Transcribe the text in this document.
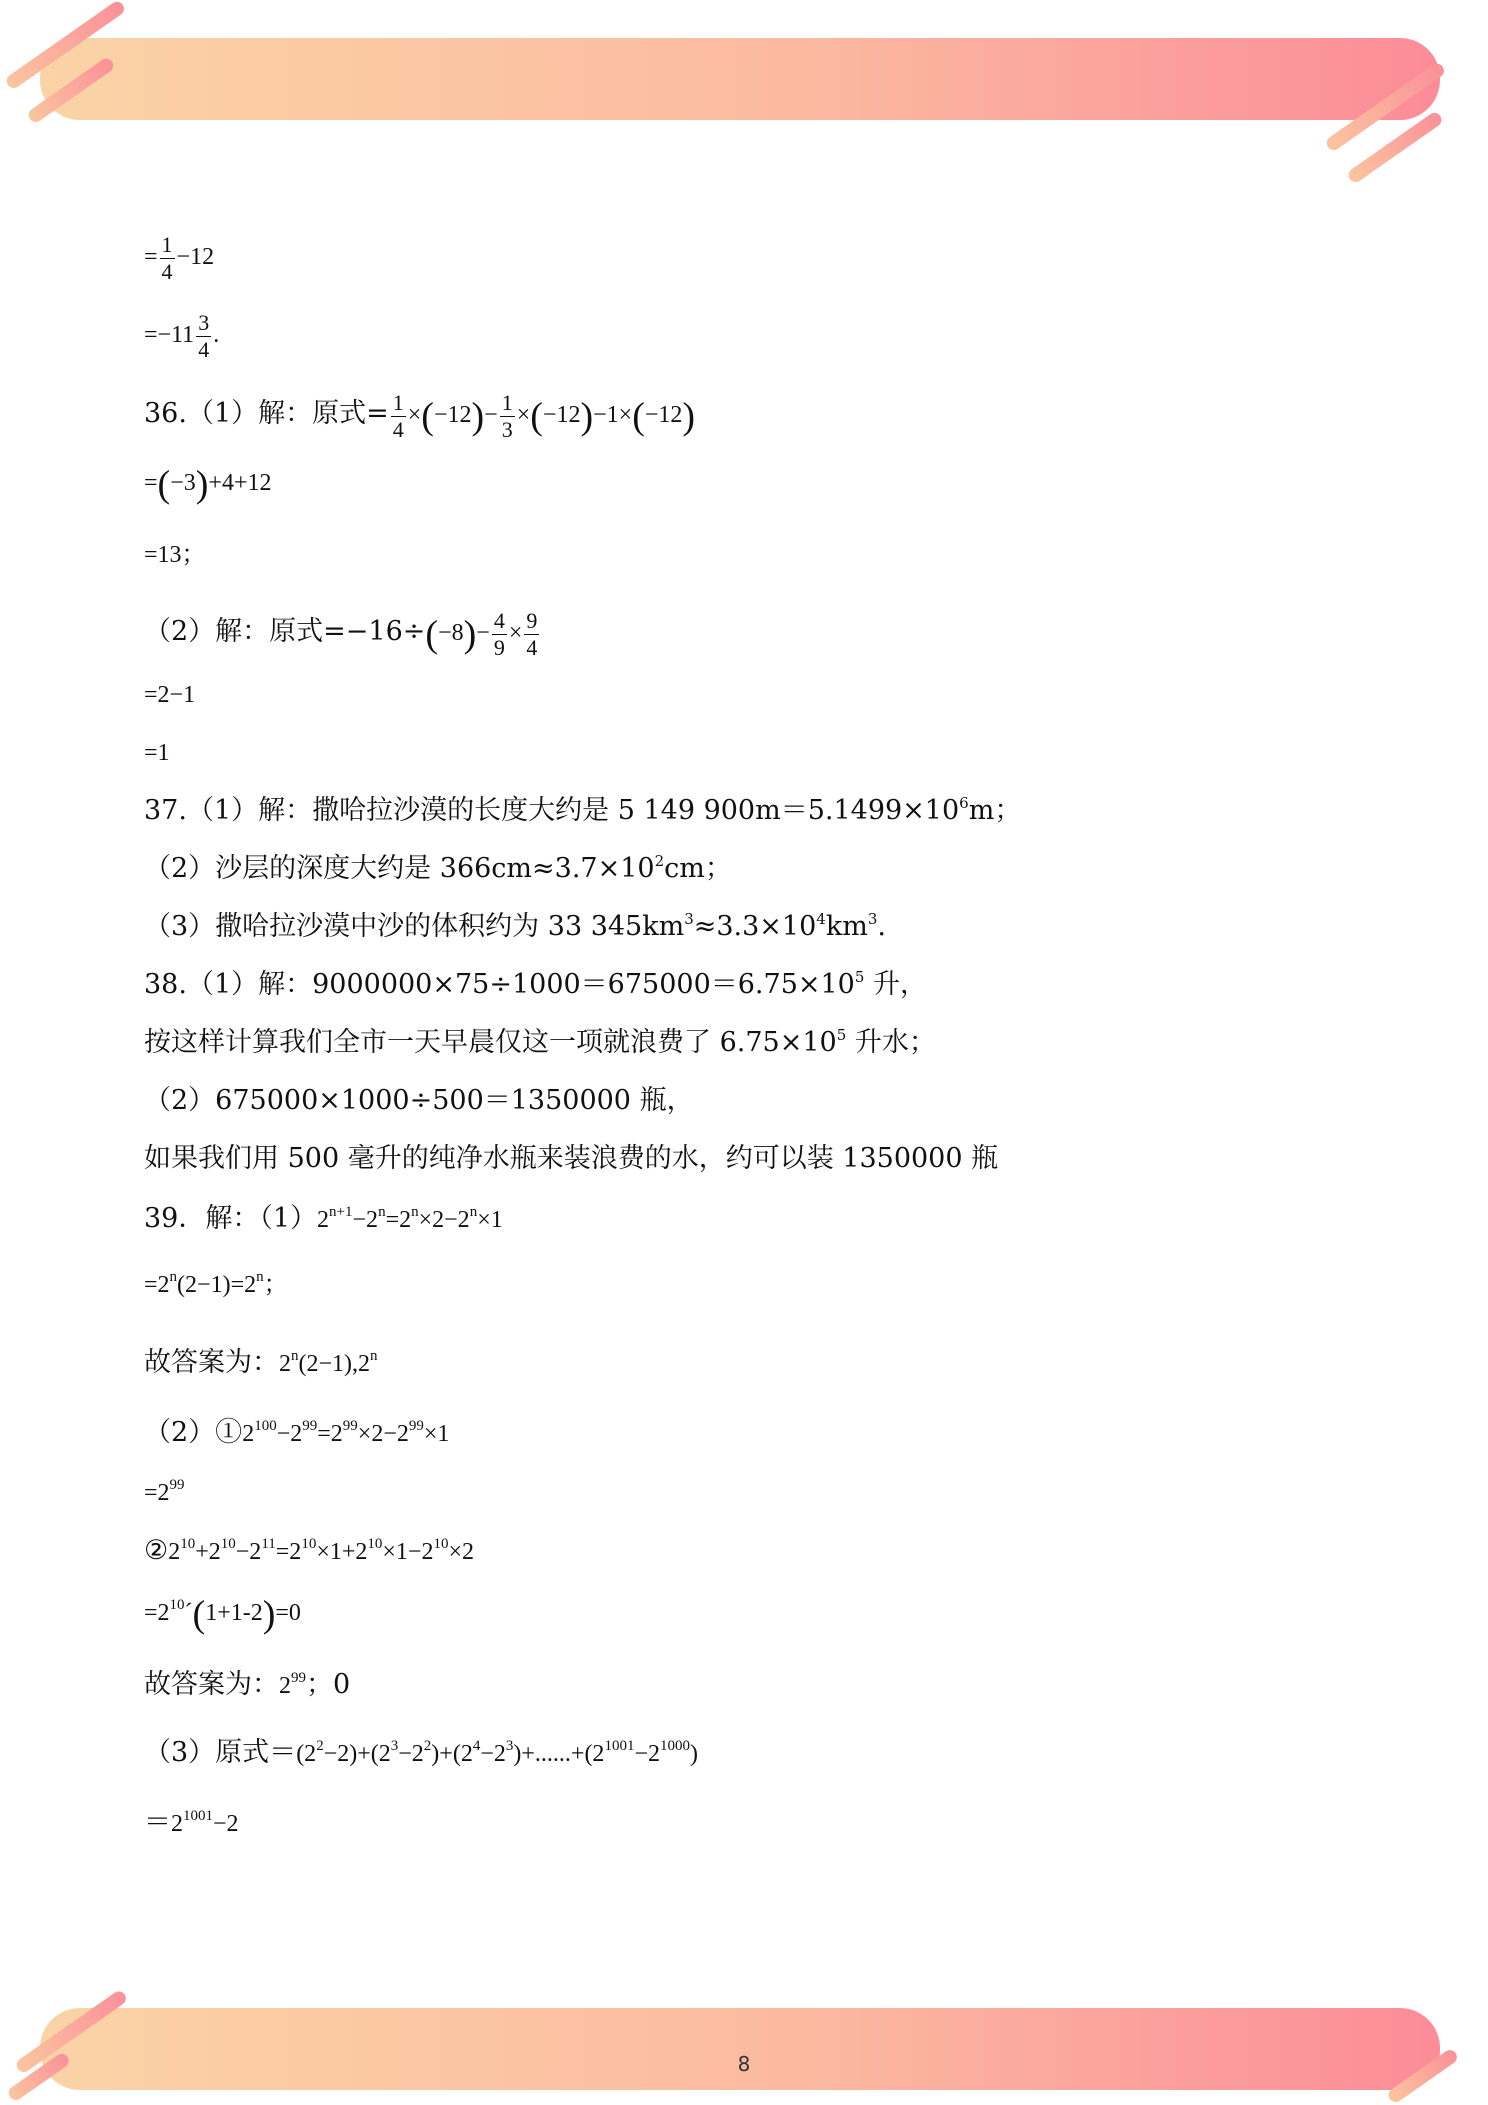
= $\frac{1}{4} -12$
$=-11 \frac{3}{4}$ .
36.（1）解：原式= $\frac{1}{4} \times(-12)- \frac{1}{3} \times(-12)-1\times(-12)$
=(−3)+4+12
=13；
（2）解：原式$=-16\div(-8)- \frac{4}{9} \times \frac{9}{4}$
=2−1
=1
37.（1）解：撒哈拉沙漠的长度大约是 5 149 $900m=5.1499\times 10^6m$；
（2）沙层的深度大约是 $366cm\approx 3.7\times 10^2cm$；
（3）撒哈拉沙漠中沙的体积约为 33 $345km^3\approx 3.3\times 10^4km^3$.
38.（1）解：$9000000\times 75\div 1000=675000=6.75\times 10^5$ 升，
按这样计算我们全市一天早晨仅这一项就浪费了 $6.75\times 10^5$ 升水；
（2）675000×1000÷500＝1350000 瓶，
如果我们用 500 毫升的纯净水瓶来装浪费的水，约可以装 1350000 瓶
39．解：$(1)2^{n+1}-2^n=2^n\times 2-2^n\times 1$
$=2^n(2-1)=2^n$；
故答案为：$2^n(2-1),2^n$
$(2)①2^{100}-2^{99}=2^{99}\times 2-2^{99}\times 1$
$=2^{99}$
$②2^{10}+2^{10}-2^{11}=2^{10}\times 1+2^{10}\times 1-2^{10}\times 2$
$=2^{10}´(1+1-2)=0$
故答案为：$2^{99}$；0
（3）原式$=(2^2-2)+(2^3-2^2)+(2^4-2^3)+......+(2^{1001}-2^{1000})$
$=2^{1001}-2$
8
